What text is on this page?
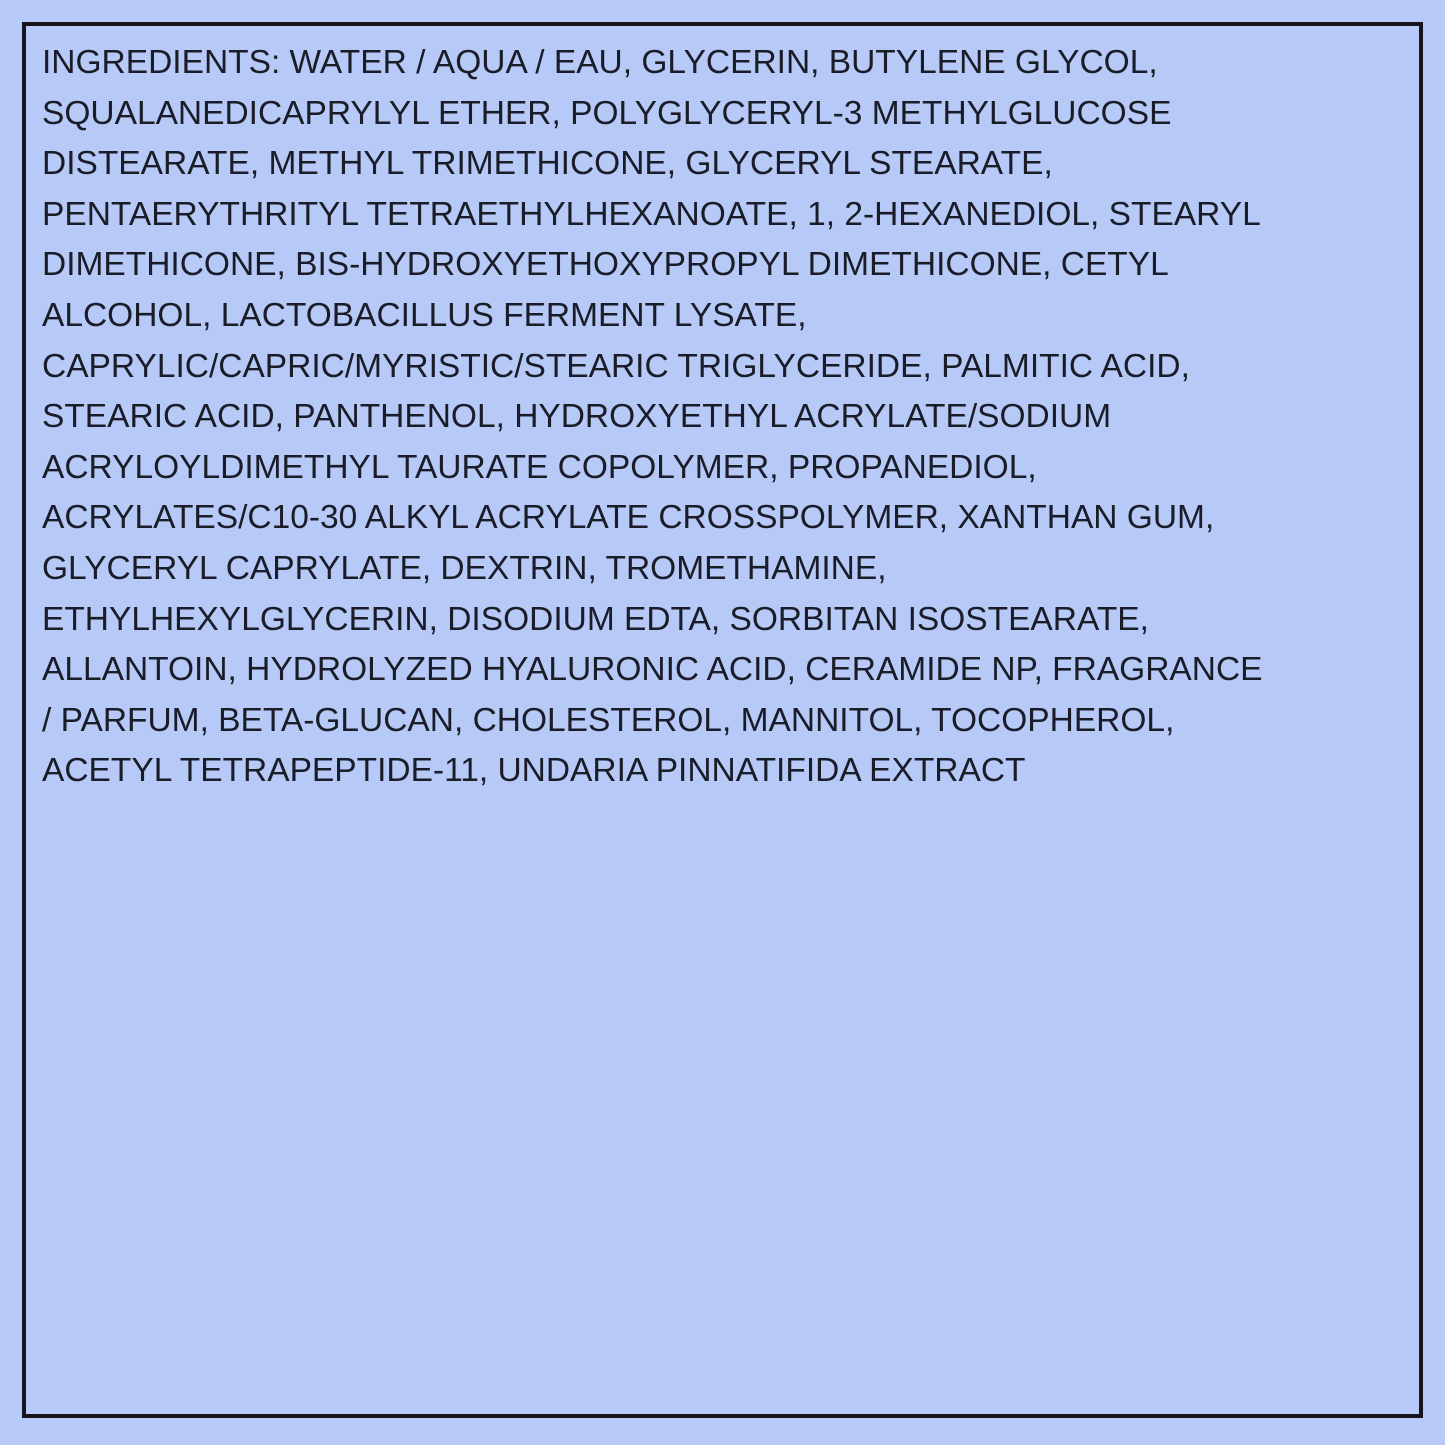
INGREDIENTS: WATER / AQUA / EAU, GLYCERIN, BUTYLENE GLYCOL,
SQUALANEDICAPRYLYL ETHER, POLYGLYCERYL-3 METHYLGLUCOSE
DISTEARATE, METHYL TRIMETHICONE, GLYCERYL STEARATE,
PENTAERYTHRITYL TETRAETHYLHEXANOATE, 1, 2-HEXANEDIOL, STEARYL
DIMETHICONE, BIS-HYDROXYETHOXYPROPYL DIMETHICONE, CETYL
ALCOHOL, LACTOBACILLUS FERMENT LYSATE,
CAPRYLIC/CAPRIC/MYRISTIC/STEARIC TRIGLYCERIDE, PALMITIC ACID,
STEARIC ACID, PANTHENOL, HYDROXYETHYL ACRYLATE/SODIUM
ACRYLOYLDIMETHYL TAURATE COPOLYMER, PROPANEDIOL,
ACRYLATES/C10-30 ALKYL ACRYLATE CROSSPOLYMER, XANTHAN GUM,
GLYCERYL CAPRYLATE, DEXTRIN, TROMETHAMINE,
ETHYLHEXYLGLYCERIN, DISODIUM EDTA, SORBITAN ISOSTEARATE,
ALLANTOIN, HYDROLYZED HYALURONIC ACID, CERAMIDE NP, FRAGRANCE
/ PARFUM, BETA-GLUCAN, CHOLESTEROL, MANNITOL, TOCOPHEROL,
ACETYL TETRAPEPTIDE-11, UNDARIA PINNATIFIDA EXTRACT
